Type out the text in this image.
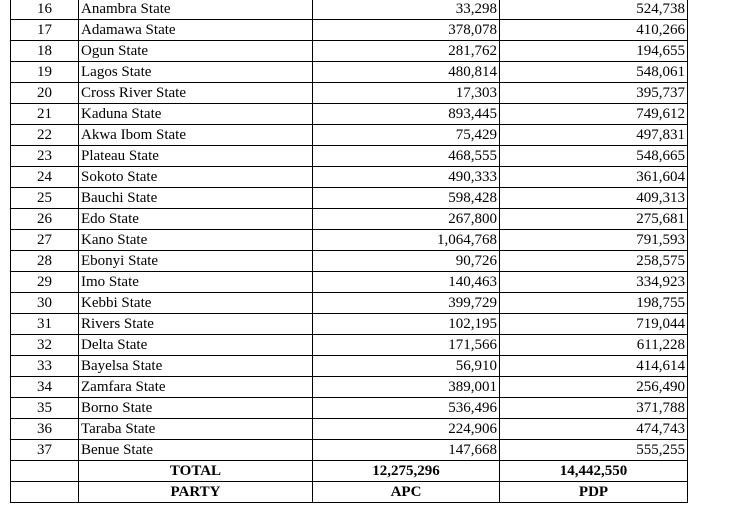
16	Anambra State	33,298	524,738
17	Adamawa State	378,078	410,266
18	Ogun State	281,762	194,655
19	Lagos State	480,814	548,061
20	Cross River State	17,303	395,737
21	Kaduna State	893,445	749,612
22	Akwa Ibom State	75,429	497,831
23	Plateau State	468,555	548,665
24	Sokoto State	490,333	361,604
25	Bauchi State	598,428	409,313
26	Edo State	267,800	275,681
27	Kano State	1,064,768	791,593
28	Ebonyi State	90,726	258,575
29	Imo State	140,463	334,923
30	Kebbi State	399,729	198,755
31	Rivers State	102,195	719,044
32	Delta State	171,566	611,228
33	Bayelsa State	56,910	414,614
34	Zamfara State	389,001	256,490
35	Borno State	536,496	371,788
36	Taraba State	224,906	474,743
37	Benue State	147,668	555,255
	TOTAL	12,275,296	14,442,550
	PARTY	APC	PDP
